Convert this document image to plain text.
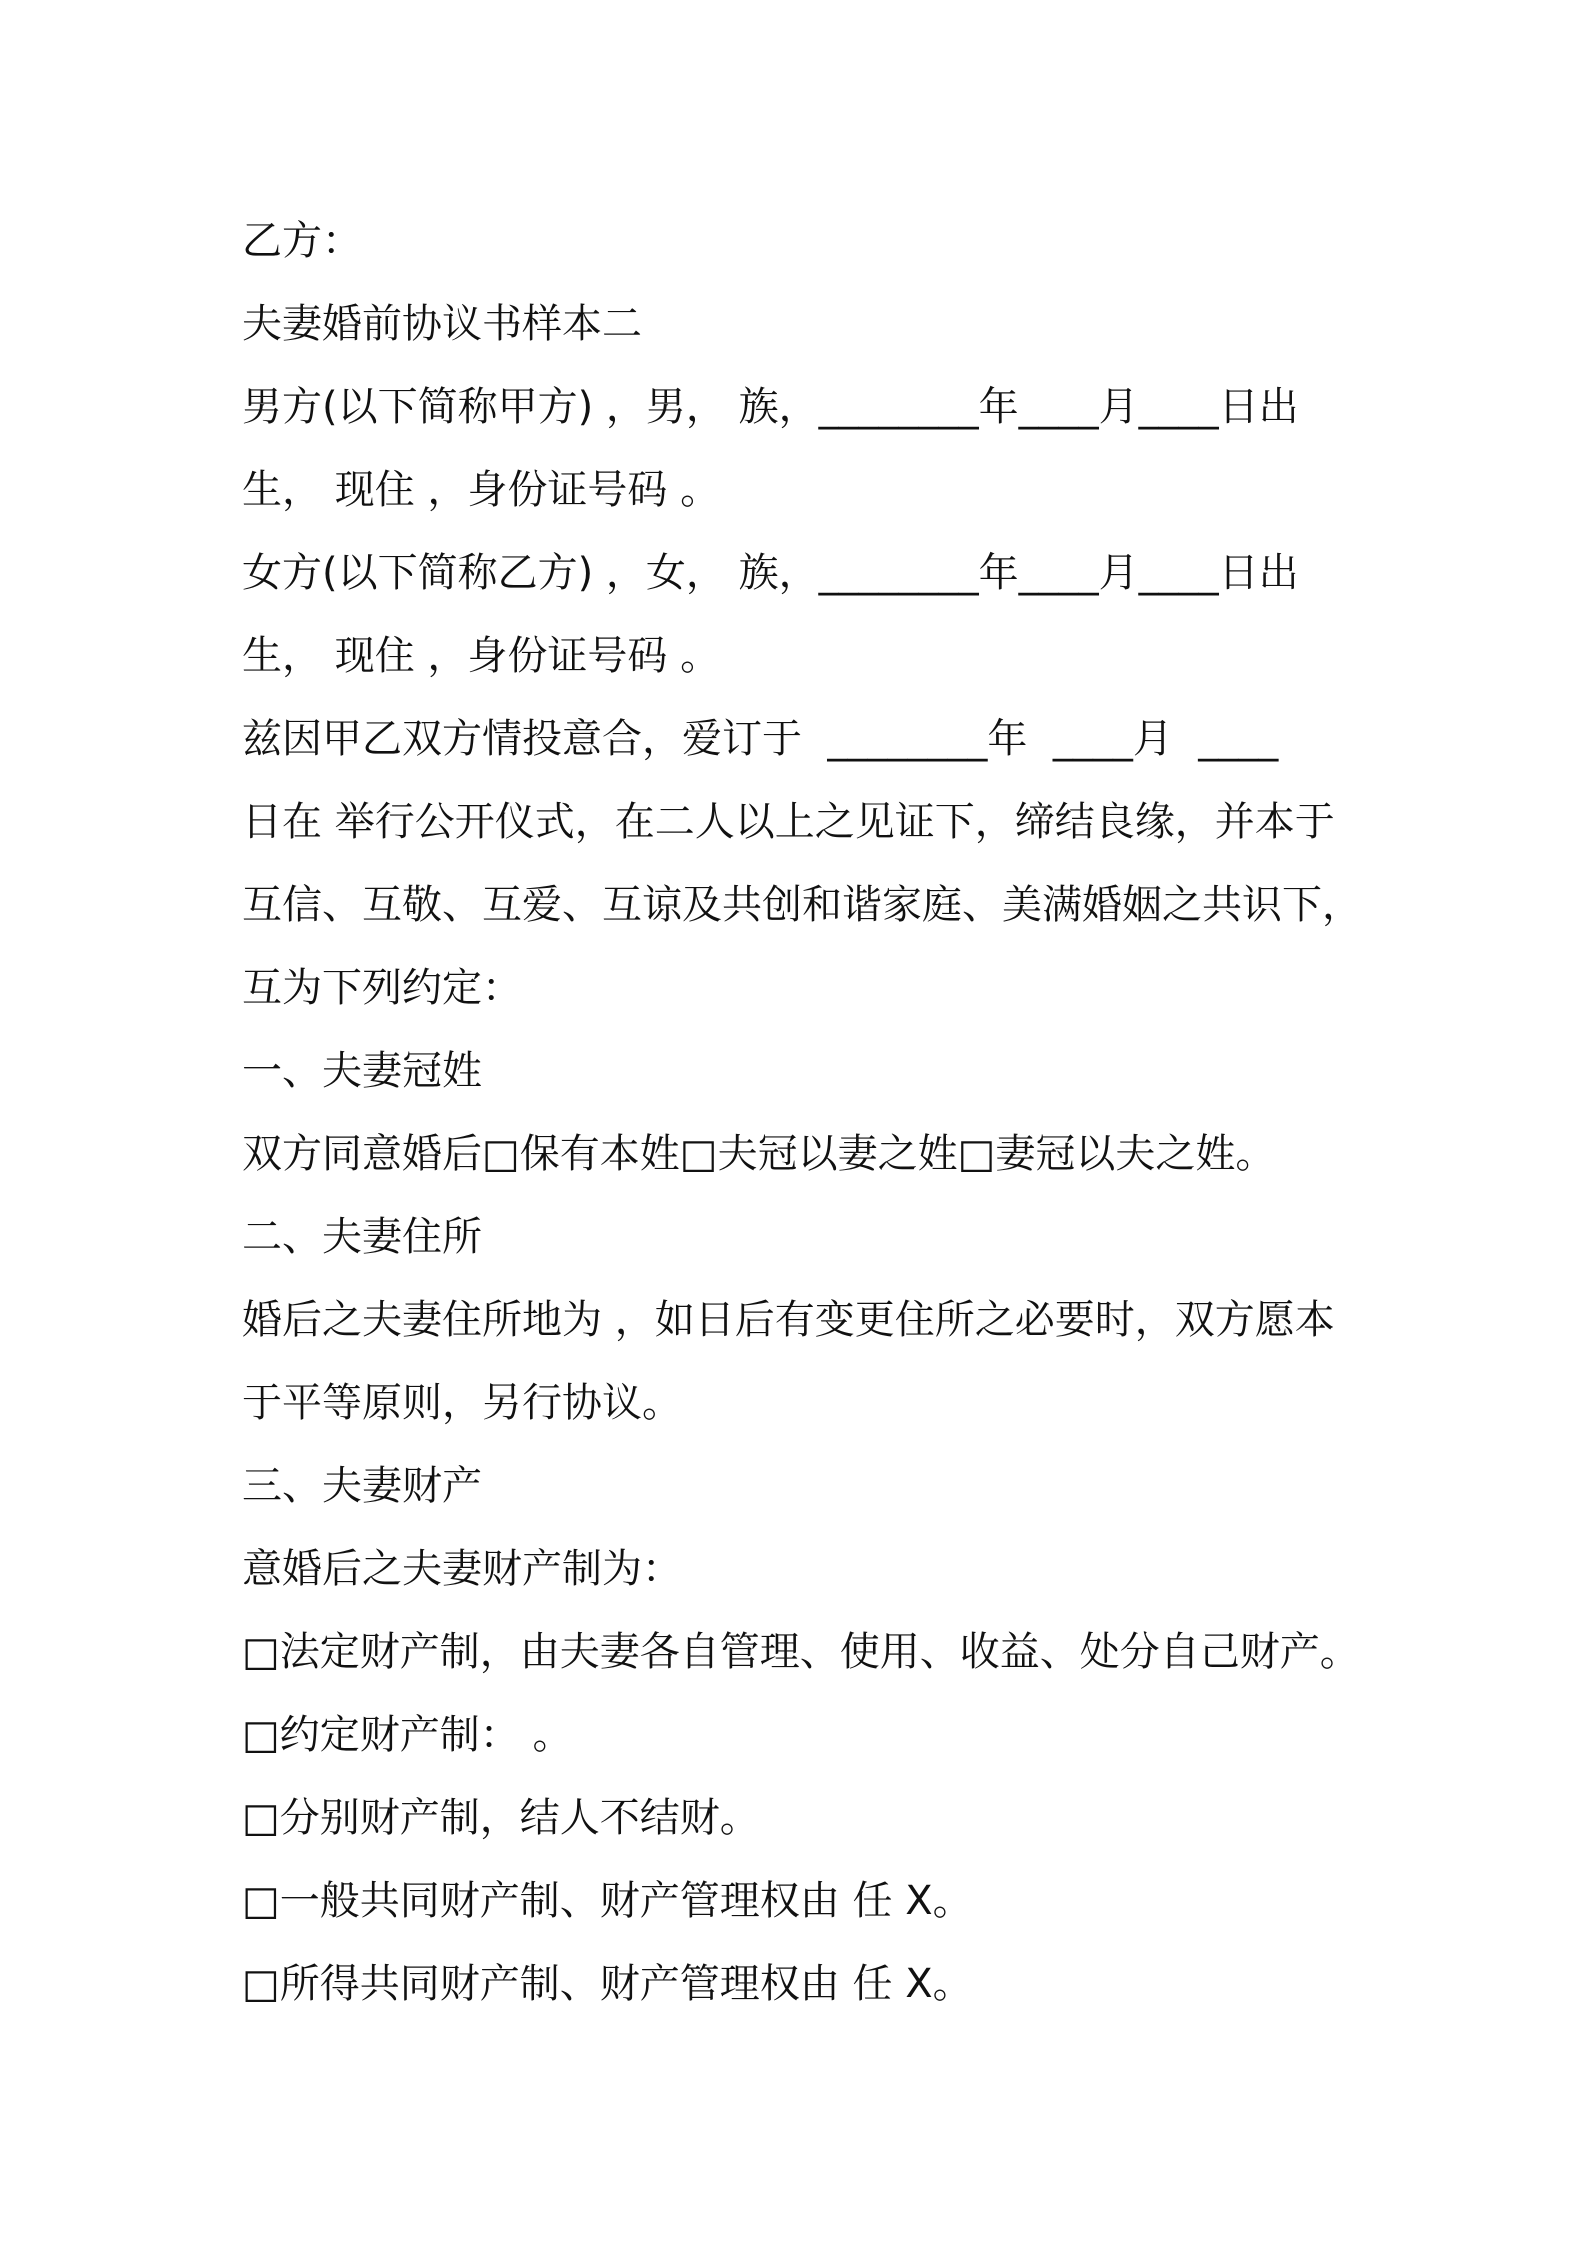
乙方：
夫妻婚前协议书样本二
男方(以下简称甲方) ，男， 族，________年____月____日出
生， 现住 ，身份证号码 。
女方(以下简称乙方) ，女， 族，________年____月____日出
生， 现住 ，身份证号码 。
兹因甲乙双方情投意合，爱订于  ________年  ____月  ____
日在 举行公开仪式，在二人以上之见证下，缔结良缘，并本于
互信、互敬、互爱、互谅及共创和谐家庭、美满婚姻之共识下，
互为下列约定：
一、夫妻冠姓
双方同意婚后□保有本姓□夫冠以妻之姓□妻冠以夫之姓。
二、夫妻住所
婚后之夫妻住所地为 ，如日后有变更住所之必要时，双方愿本
于平等原则，另行协议。
三、夫妻财产
意婚后之夫妻财产制为：
□法定财产制，由夫妻各自管理、使用、收益、处分自己财产。
□约定财产制： 。
□分别财产制，结人不结财。
□一般共同财产制、财产管理权由 任 X。
□所得共同财产制、财产管理权由 任 X。
